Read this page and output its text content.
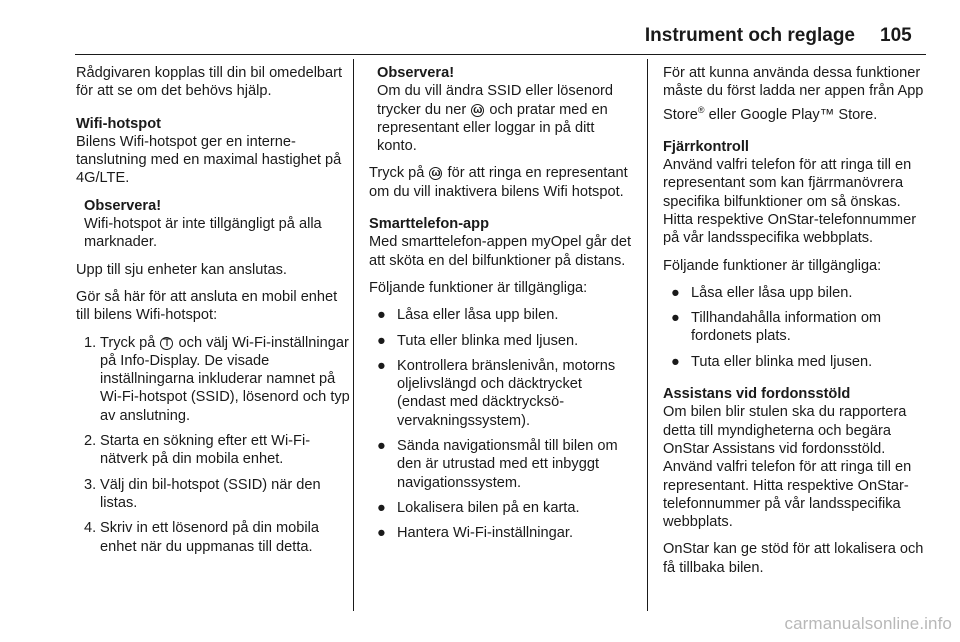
Instrument och reglage 105

Rådgivaren kopplas till din bil omedelbart för att se om det behövs hjälp.

Wifi-hotspot

Bilens Wifi-hotspot ger en internetanslutning med en maximal hastighet på 4G/LTE.

Observera!
Wifi-hotspot är inte tillgängligt på alla marknader.

Upp till sju enheter kan anslutas.

Gör så här för att ansluta en mobil enhet till bilens Wifi-hotspot:

1. Tryck på ⊤ och välj Wi-Fi-inställningar på Info-Display. De visade inställningarna inkluderar namnet på Wi-Fi-hotspot (SSID), lösenord och typ av anslutning.
2. Starta en sökning efter ett Wi-Fi-nätverk på din mobila enhet.
3. Välj din bil-hotspot (SSID) när den listas.
4. Skriv in ett lösenord på din mobila enhet när du uppmanas till detta.
Observera!
Om du vill ändra SSID eller lösenord trycker du ner ω och pratar med en representant eller loggar in på ditt konto.

Tryck på ω för att ringa en representant om du vill inaktivera bilens Wifi hotspot.

Smarttelefon-app

Med smarttelefon-appen myOpel går det att sköta en del bilfunktioner på distans.

Följande funktioner är tillgängliga:

● Låsa eller låsa upp bilen.
● Tuta eller blinka med ljusen.
● Kontrollera bränslenivån, motorns oljelivslängd och däcktrycket (endast med däcktrycksövervakningssystem).
● Sända navigationsmål till bilen om den är utrustad med ett inbyggt navigationssystem.
● Lokalisera bilen på en karta.
● Hantera Wi-Fi-inställningar.

För att kunna använda dessa funktioner måste du först ladda ner appen från App Store® eller Google Play™ Store.

Fjärrkontroll

Använd valfri telefon för att ringa till en representant som kan fjärrmanövrera specifika bilfunktioner om så önskas. Hitta respektive OnStar-telefonnummer på vår landsspecifika webbplats.

Följande funktioner är tillgängliga:

● Låsa eller låsa upp bilen.
● Tillhandahålla information om fordonets plats.
● Tuta eller blinka med ljusen.

Assistans vid fordonsstöld

Om bilen blir stulen ska du rapportera detta till myndigheterna och begära OnStar Assistans vid fordonsstöld. Använd valfri telefon för att ringa till en representant. Hitta respektive OnStar-telefonnummer på vår landsspecifika webbplats.

OnStar kan ge stöd för att lokalisera och få tillbaka bilen.

carmanualsonline.info
